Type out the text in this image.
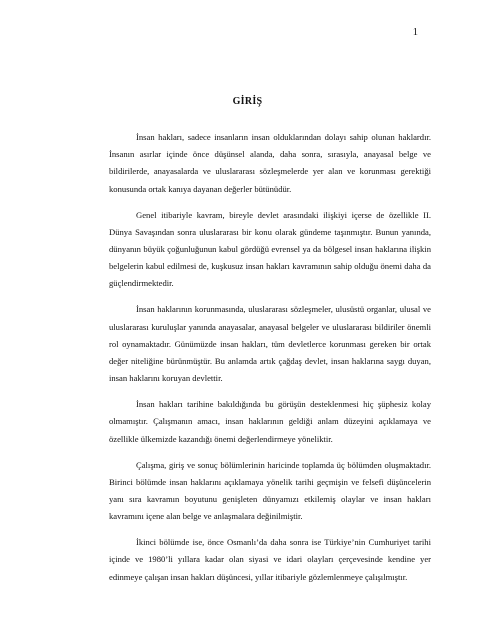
1
GİRİŞ

İnsan hakları, sadece insanların insan olduklarından dolayı sahip olunan haklardır. İnsanın asırlar içinde önce düşünsel alanda, daha sonra, sırasıyla, anayasal belge ve bildirilerde, anayasalarda ve uluslararası sözleşmelerde yer alan ve korunması gerektiği konusunda ortak kanıya dayanan değerler bütünüdür.

Genel itibariyle kavram, bireyle devlet arasındaki ilişkiyi içerse de özellikle II. Dünya Savaşından sonra uluslararası bir konu olarak gündeme taşınmıştır. Bunun yanında, dünyanın büyük çoğunluğunun kabul gördüğü evrensel ya da bölgesel insan haklarına ilişkin belgelerin kabul edilmesi de, kuşkusuz insan hakları kavramının sahip olduğu önemi daha da güçlendirmektedir.

İnsan haklarının korunmasında, uluslararası sözleşmeler, ulusüstü organlar, ulusal ve uluslararası kuruluşlar yanında anayasalar, anayasal belgeler ve uluslararası bildiriler önemli rol oynamaktadır. Günümüzde insan hakları, tüm devletlerce korunması gereken bir ortak değer niteliğine bürünmüştür. Bu anlamda artık çağdaş devlet, insan haklarına saygı duyan, insan haklarını koruyan devlettir.

İnsan hakları tarihine bakıldığında bu görüşün desteklenmesi hiç şüphesiz kolay olmamıştır. Çalışmanın amacı, insan haklarının geldiği anlam düzeyini açıklamaya ve özellikle ülkemizde kazandığı önemi değerlendirmeye yöneliktir.

Çalışma, giriş ve sonuç bölümlerinin haricinde toplamda üç bölümden oluşmaktadır. Birinci bölümde insan haklarını açıklamaya yönelik tarihi geçmişin ve felsefi düşüncelerin yanı sıra kavramın boyutunu genişleten dünyamızı etkilemiş olaylar ve insan hakları kavramını içene alan belge ve anlaşmalara değinilmiştir.

İkinci bölümde ise, önce Osmanlı’da daha sonra ise Türkiye’nin Cumhuriyet tarihi içinde ve 1980’li yıllara kadar olan siyasi ve idari olayları çerçevesinde kendine yer edinmeye çalışan insan hakları düşüncesi, yıllar itibariyle gözlemlenmeye çalışılmıştır.
